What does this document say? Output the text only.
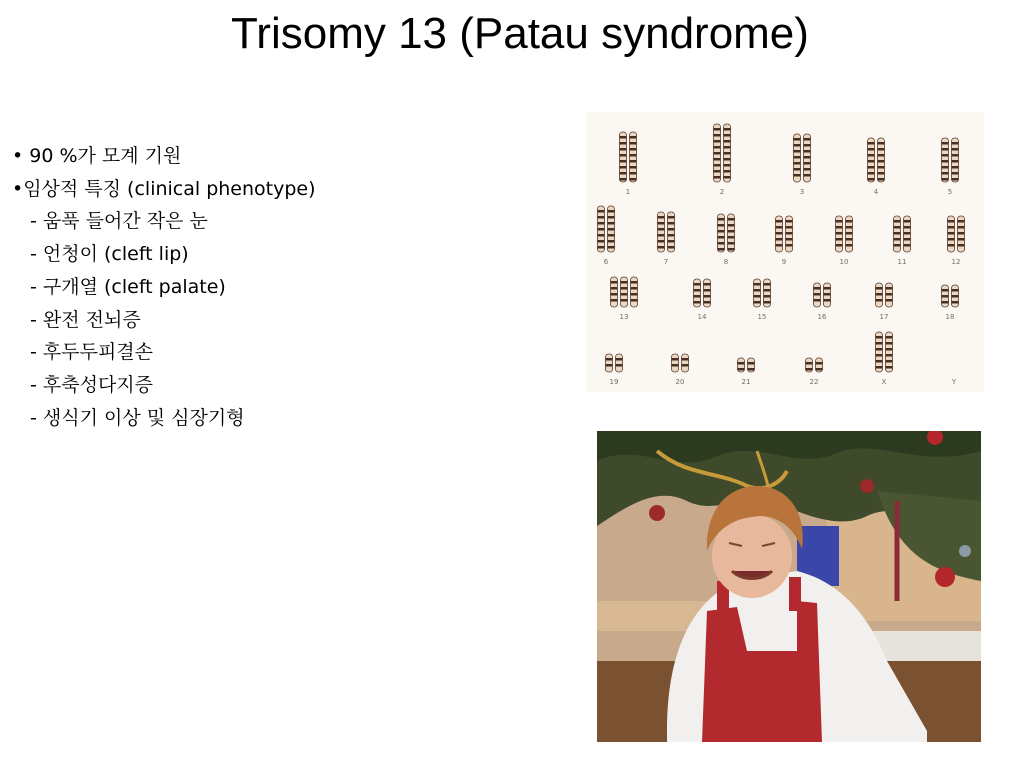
Trisomy 13 (Patau syndrome)
• 90 %가 모계 기원
•임상적 특징 (clinical phenotype)
- 움푹 들어간 작은 눈
- 언청이 (cleft lip)
- 구개열 (cleft palate)
- 완전 전뇌증
- 후두두피결손
- 후축성다지증
- 생식기 이상 및 심장기형
1	2	3	4	5
6	7	8	9	10	11	12
13	14	15	16	17	18
19	20	21	22	X	Y
